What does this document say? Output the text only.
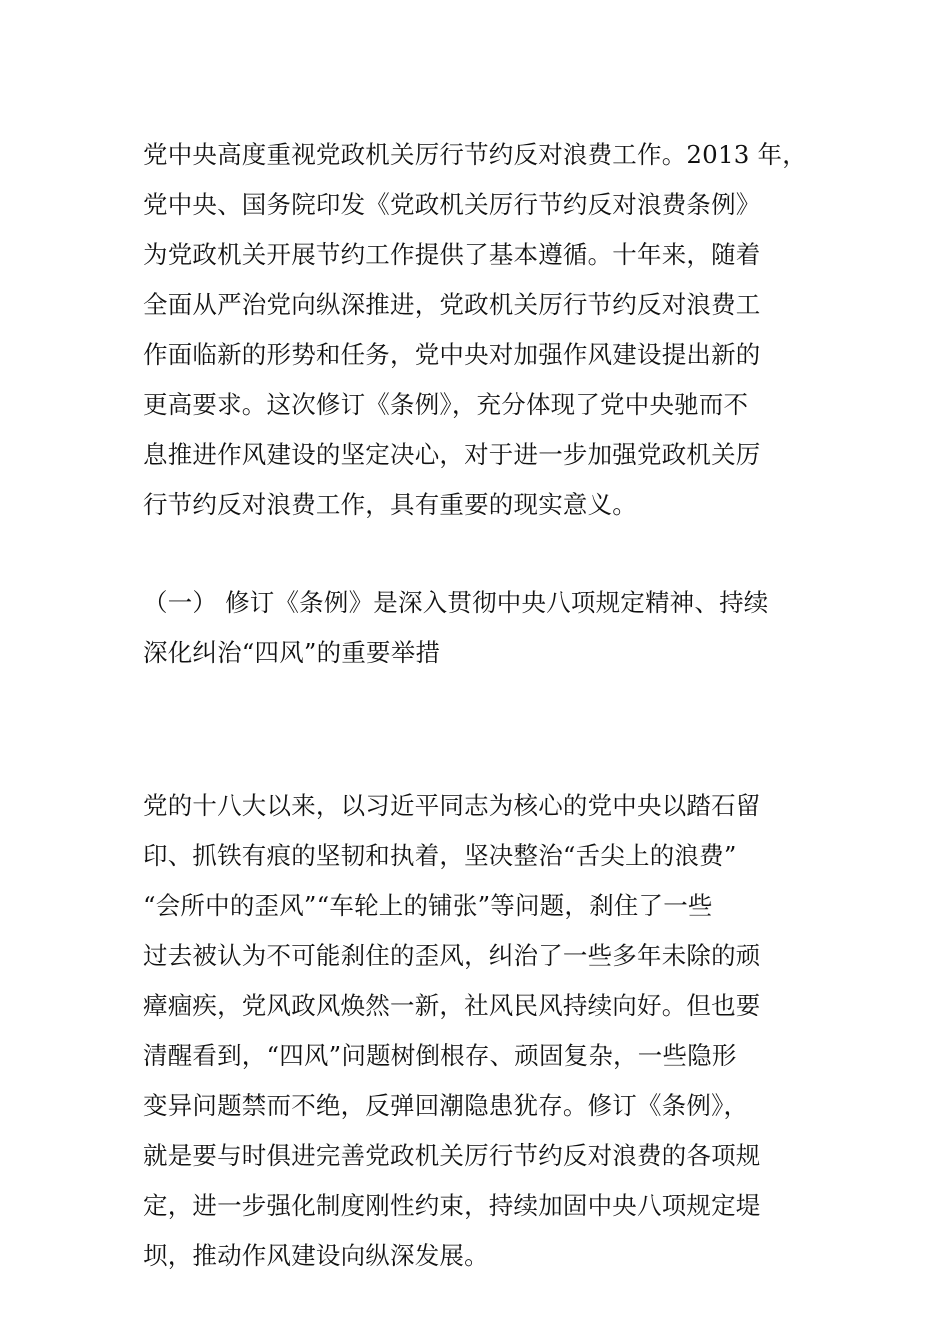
党中央高度重视党政机关厉行节约反对浪费工作。2013 年，
党中央、国务院印发《党政机关厉行节约反对浪费条例》
为党政机关开展节约工作提供了基本遵循。十年来，随着
全面从严治党向纵深推进，党政机关厉行节约反对浪费工
作面临新的形势和任务，党中央对加强作风建设提出新的
更高要求。这次修订《条例》，充分体现了党中央驰而不
息推进作风建设的坚定决心，对于进一步加强党政机关厉
行节约反对浪费工作，具有重要的现实意义。
（一） 修订《条例》是深入贯彻中央八项规定精神、持续
深化纠治“四风”的重要举措
党的十八大以来，以习近平同志为核心的党中央以踏石留
印、抓铁有痕的坚韧和执着，坚决整治“舌尖上的浪费”
“会所中的歪风”“车轮上的铺张”等问题，刹住了一些
过去被认为不可能刹住的歪风，纠治了一些多年未除的顽
瘴痼疾，党风政风焕然一新，社风民风持续向好。但也要
清醒看到，“四风”问题树倒根存、顽固复杂，一些隐形
变异问题禁而不绝，反弹回潮隐患犹存。修订《条例》，
就是要与时俱进完善党政机关厉行节约反对浪费的各项规
定，进一步强化制度刚性约束，持续加固中央八项规定堤
坝，推动作风建设向纵深发展。
